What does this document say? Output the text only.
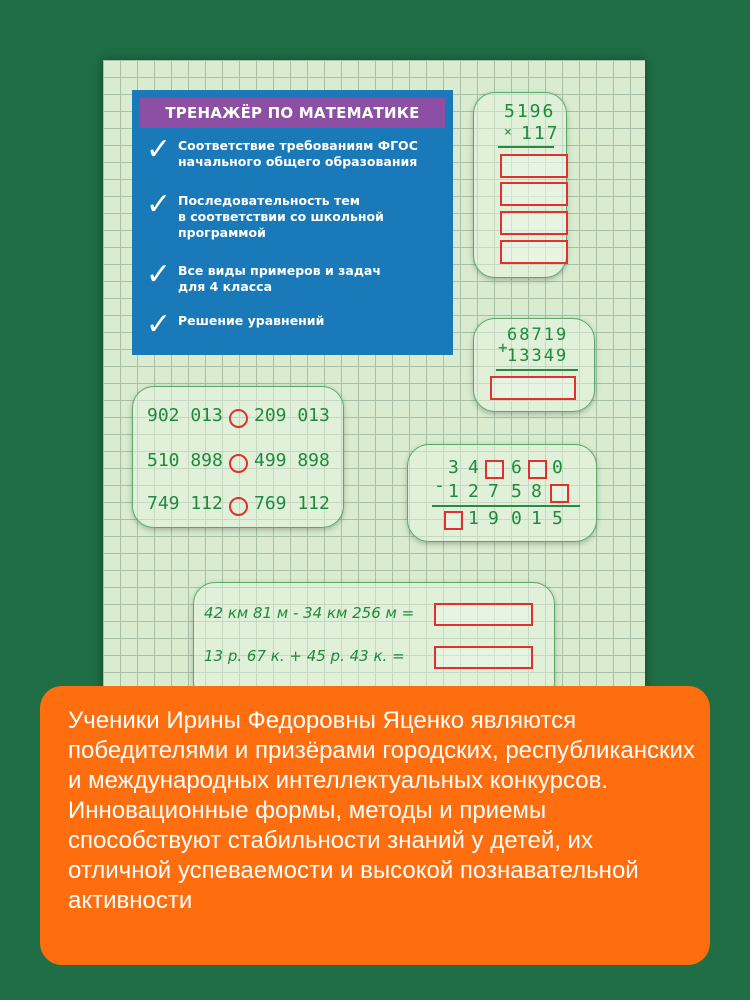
ТРЕНАЖЁР ПО МАТЕМАТИКЕ
✓ Соответствие требованиям ФГОС
начального общего образования
✓ Последовательность тем
в соответствии со школьной
программой
✓ Все виды примеров и задач
для 4 класса
✓ Решение уравнений
5196
× 117
+
68719
13349
902 013 209 013
510 898 499 898
749 112 769 112
-
3 4 6 0
1 2 7 5 8
1 9 0 1 5
42 км 81 м - 34 км 256 м =
13 р. 67 к. + 45 р. 43 к. =
Ученики Ирины Федоровны Яценко являются победителями и призёрами городских, республиканских и международных интеллектуальных конкурсов. Инновационные формы, методы и приемы способствуют стабильности знаний у детей, их отличной успеваемости и высокой познавательной активности
